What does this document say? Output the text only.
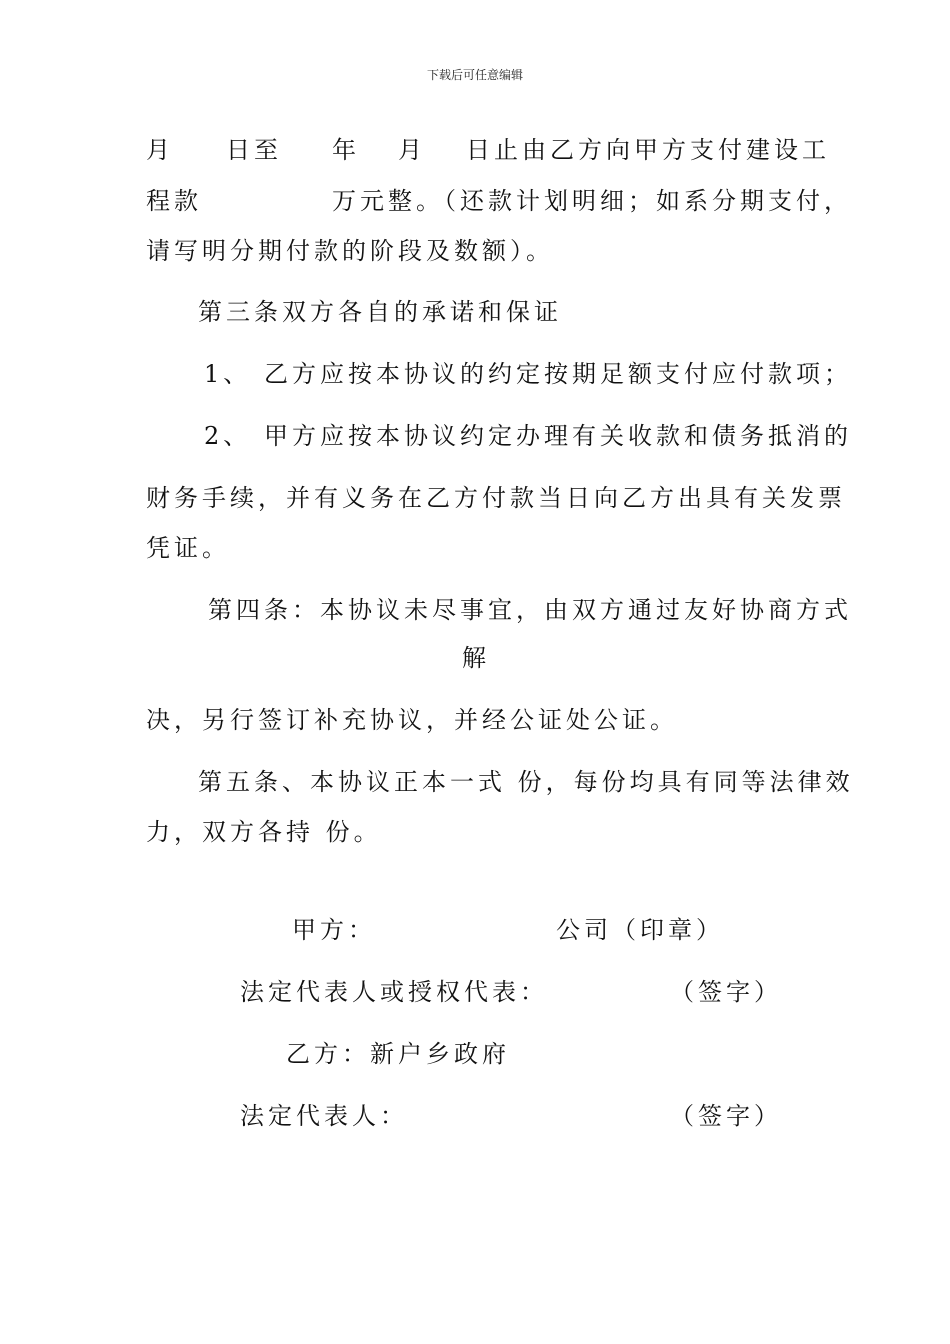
下载后可任意编辑
月 日至 年 月 日止由乙方向甲方支付建设工
程款	万元整。（还款计划明细；如系分期支付，
请写明分期付款的阶段及数额）。
第三条双方各自的承诺和保证
1、 乙方应按本协议的约定按期足额支付应付款项；
2、 甲方应按本协议约定办理有关收款和债务抵消的
财务手续，并有义务在乙方付款当日向乙方出具有关发票
凭证。
第四条：本协议未尽事宜，由双方通过友好协商方式
解
决，另行签订补充协议，并经公证处公证。
第五条、本协议正本一式 份，每份均具有同等法律效
力，双方各持 份。
甲方：	公司（印章）
法定代表人或授权代表：	（签字）
乙方：新户乡政府
法定代表人：	（签字）
